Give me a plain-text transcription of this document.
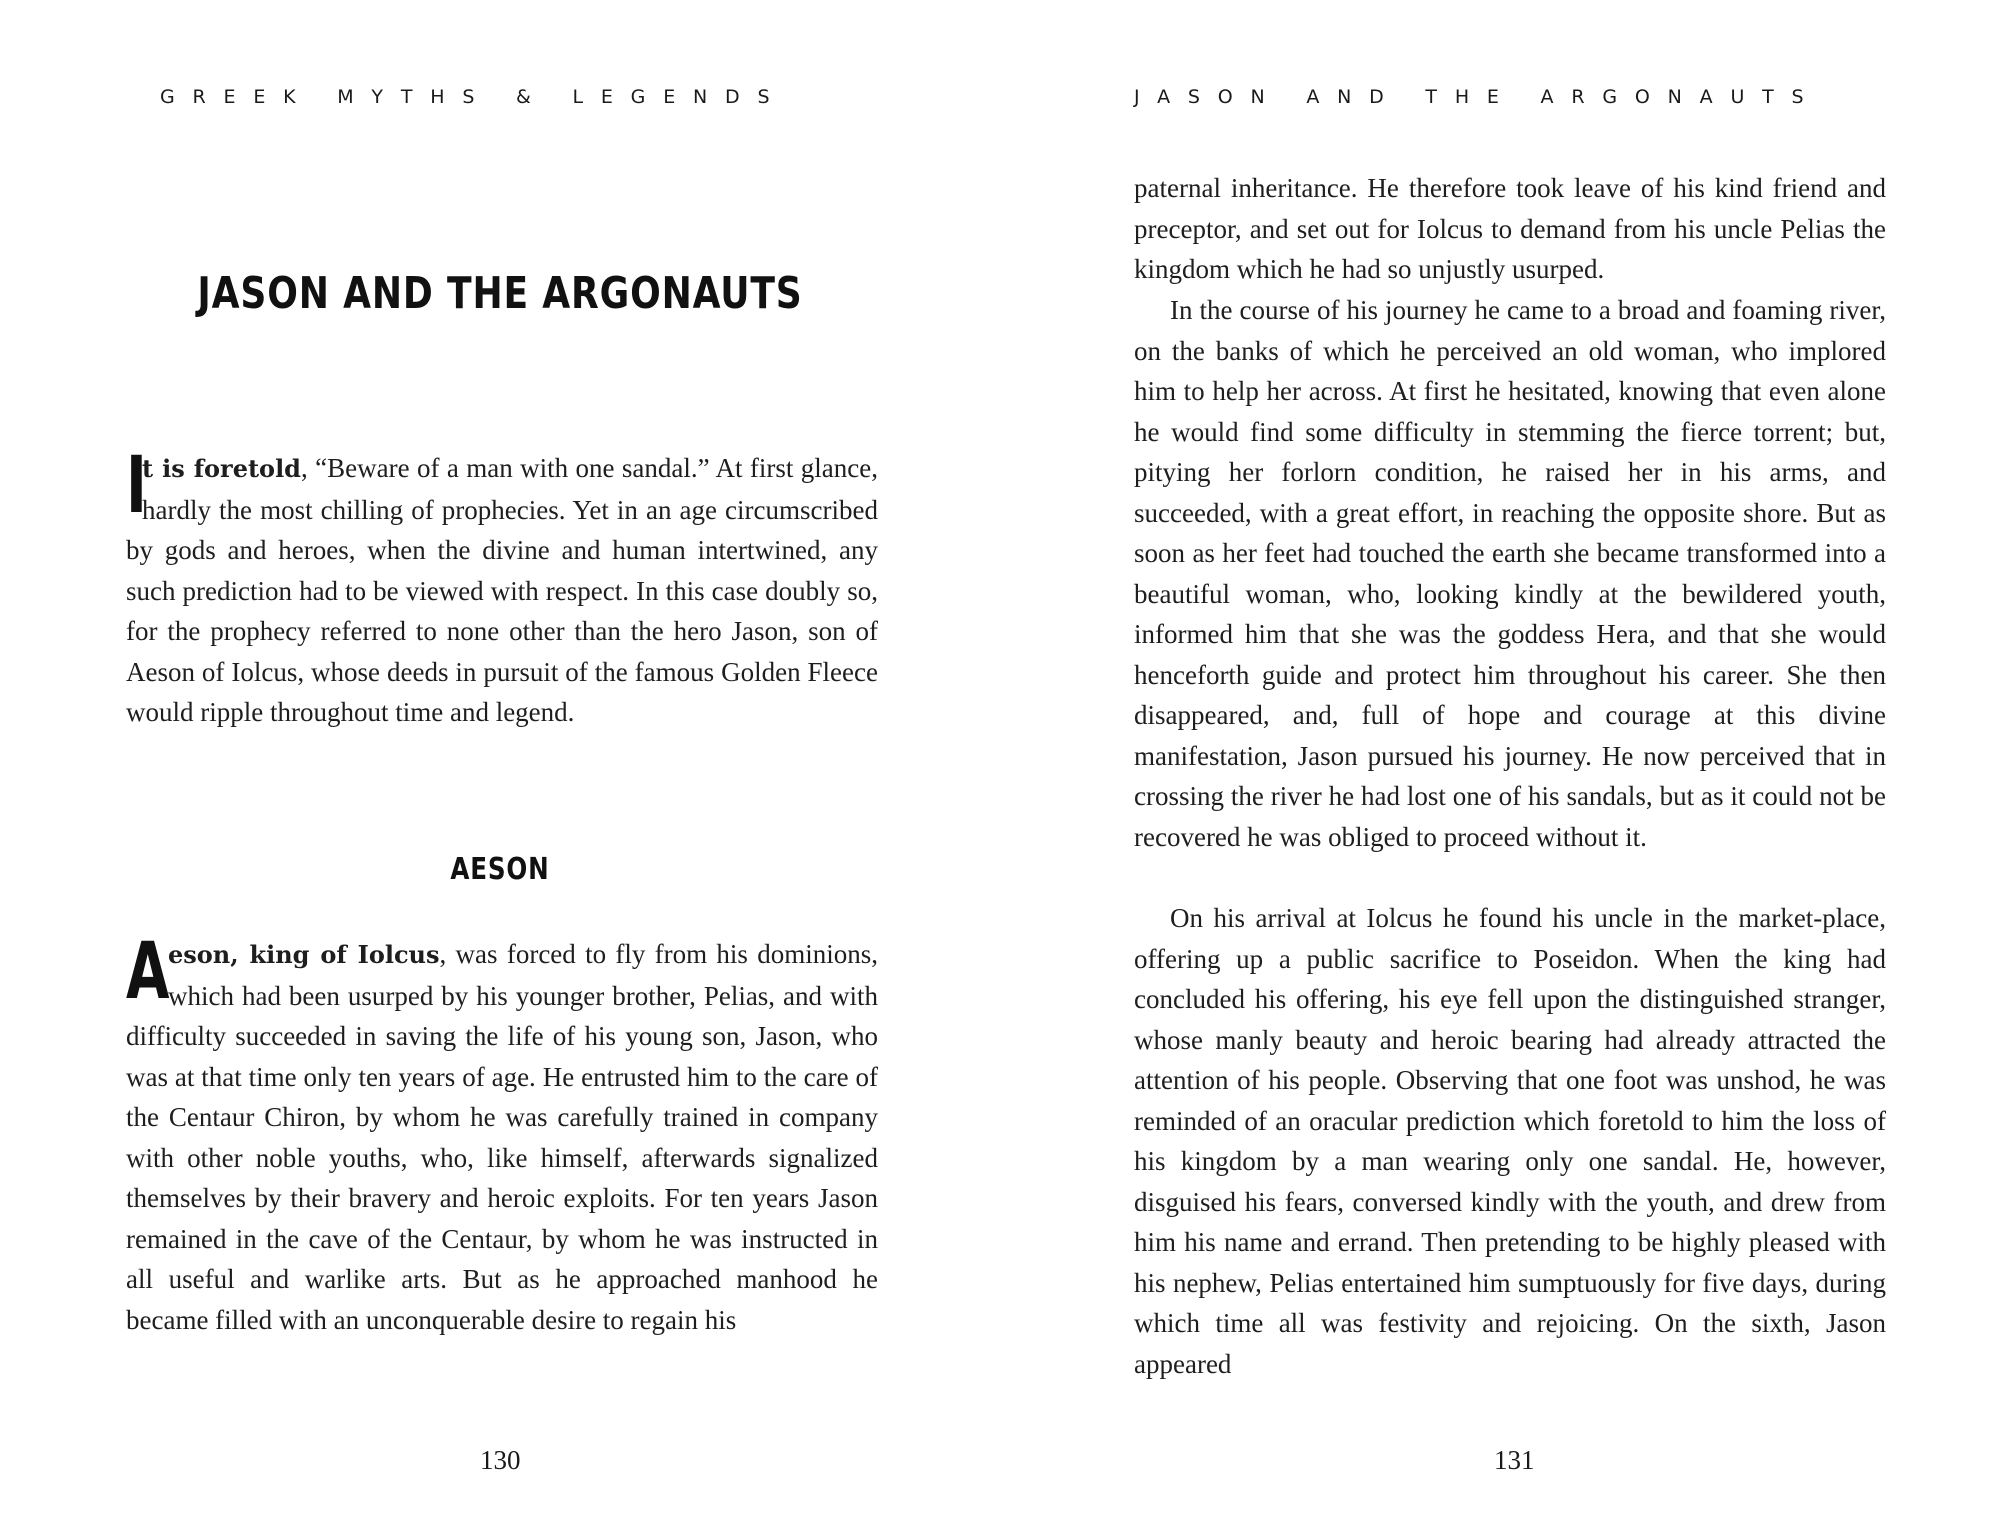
GREEK MYTHS & LEGENDS
JASON AND THE ARGONAUTS

I
t is foretold, “Beware of a man with one sandal.” At first glance, hardly the most chilling of prophecies. Yet in an age circumscribed by gods and heroes, when the divine and human intertwined, any such prediction had to be viewed with respect. In this case doubly so, for the prophecy referred to none other than the hero Jason, son of Aeson of Iolcus, whose deeds in pursuit of the famous Golden Fleece would ripple throughout time and legend.

AESON

A
eson, king of Iolcus, was forced to fly from his dominions, which had been usurped by his younger brother, Pelias, and with difficulty succeeded in saving the life of his young son, Jason, who was at that time only ten years of age. He entrusted him to the care of the Centaur Chiron, by whom he was carefully trained in company with other noble youths, who, like himself, afterwards signalized themselves by their bravery and heroic exploits. For ten years Jason remained in the cave of the Centaur, by whom he was instructed in all useful and warlike arts. But as he approached manhood he became filled with an unconquerable desire to regain his

130
JASON AND THE ARGONAUTS

paternal inheritance. He therefore took leave of his kind friend and preceptor, and set out for Iolcus to demand from his uncle Pelias the kingdom which he had so unjustly usurped.

In the course of his journey he came to a broad and foaming river, on the banks of which he perceived an old woman, who implored him to help her across. At first he hesitated, knowing that even alone he would find some difficulty in stemming the fierce torrent; but, pitying her forlorn condition, he raised her in his arms, and succeeded, with a great effort, in reaching the opposite shore. But as soon as her feet had touched the earth she became transformed into a beautiful woman, who, looking kindly at the bewildered youth, informed him that she was the goddess Hera, and that she would henceforth guide and protect him throughout his career. She then disappeared, and, full of hope and courage at this divine manifestation, Jason pursued his journey. He now perceived that in crossing the river he had lost one of his sandals, but as it could not be recovered he was obliged to proceed without it.

On his arrival at Iolcus he found his uncle in the market-place, offering up a public sacrifice to Poseidon. When the king had concluded his offering, his eye fell upon the distinguished stranger, whose manly beauty and heroic bearing had already attracted the attention of his people. Observing that one foot was unshod, he was reminded of an oracular prediction which foretold to him the loss of his kingdom by a man wearing only one sandal. He, however, disguised his fears, conversed kindly with the youth, and drew from him his name and errand. Then pretending to be highly pleased with his nephew, Pelias entertained him sumptuously for five days, during which time all was festivity and rejoicing. On the sixth, Jason appeared

131
